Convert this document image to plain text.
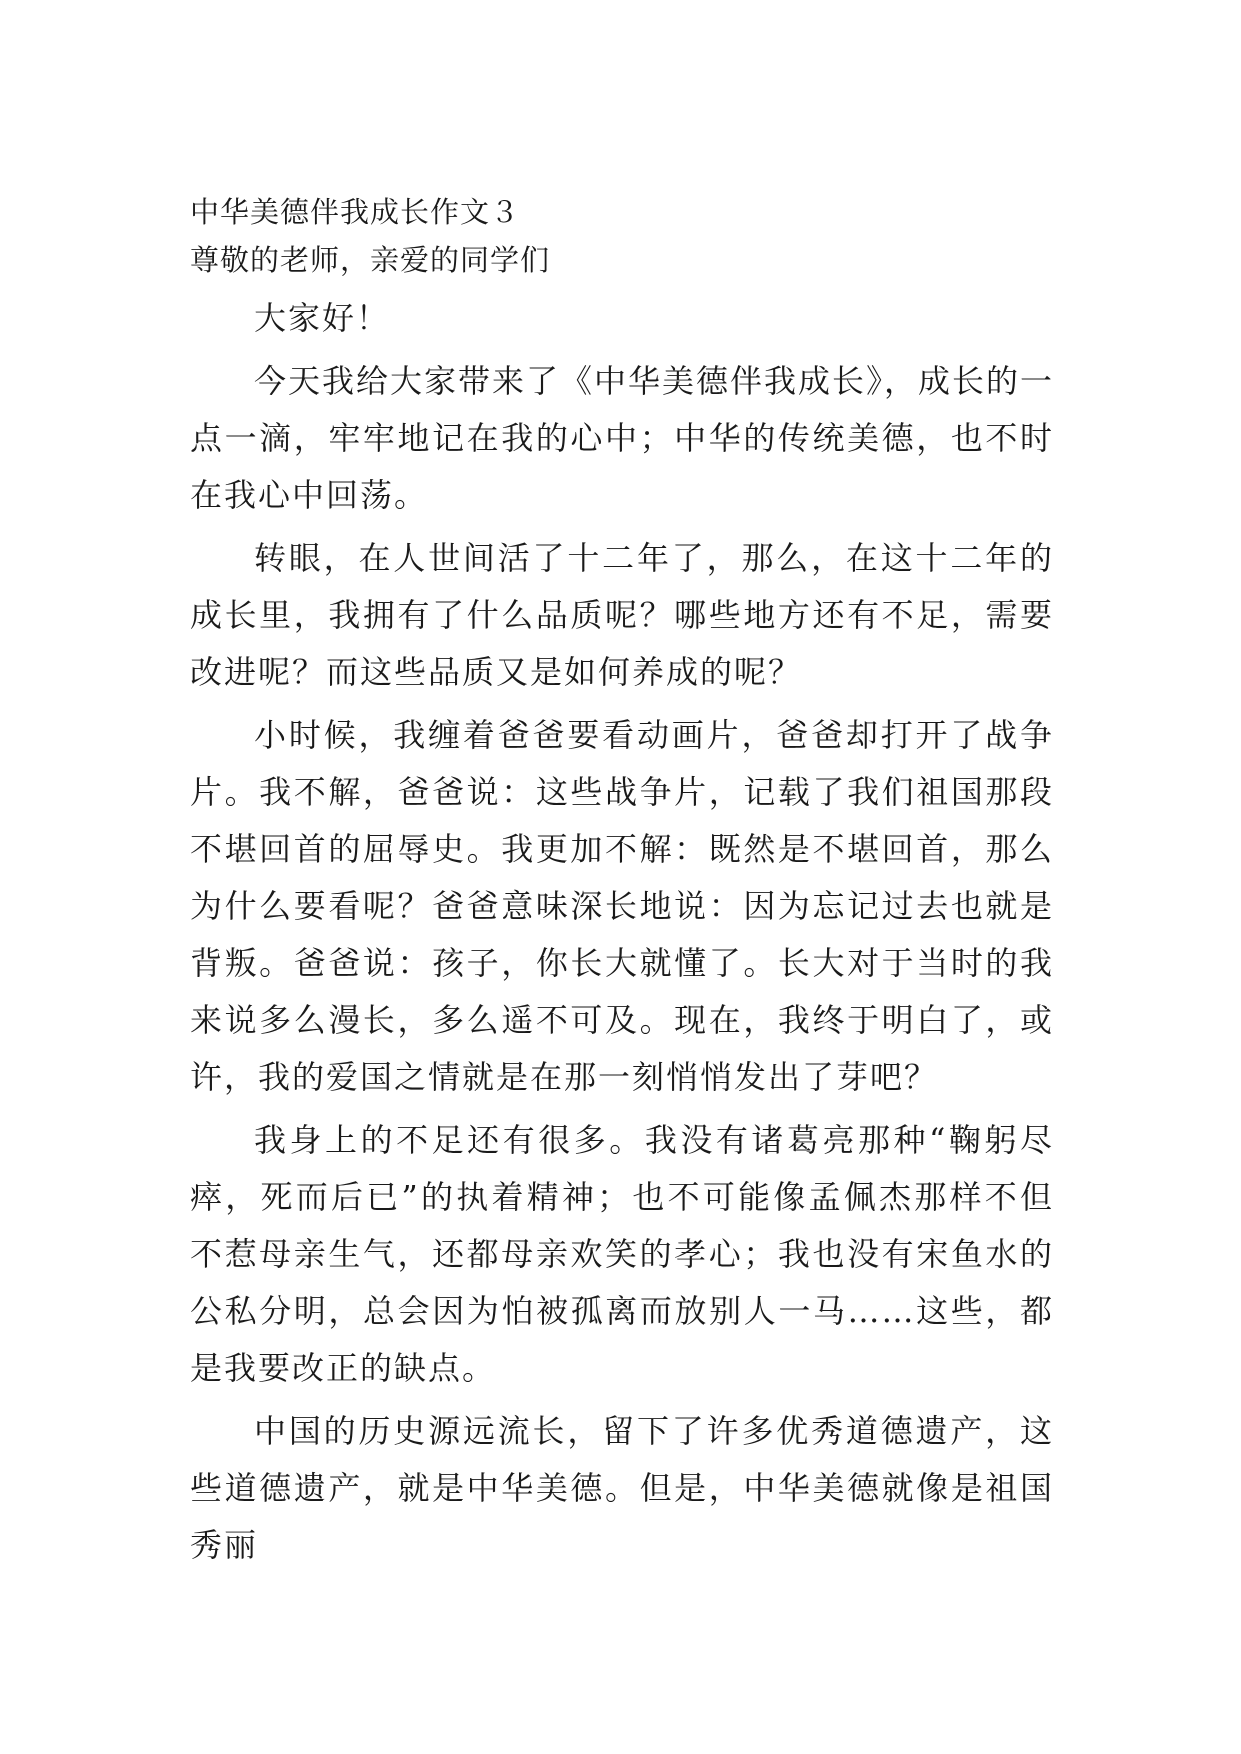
中华美德伴我成长作文３

尊敬的老师，亲爱的同学们

大家好！

今天我给大家带来了《中华美德伴我成长》，成长的一点一滴，牢牢地记在我的心中；中华的传统美德，也不时在我心中回荡。

转眼，在人世间活了十二年了，那么，在这十二年的成长里，我拥有了什么品质呢？哪些地方还有不足，需要改进呢？而这些品质又是如何养成的呢？

小时候，我缠着爸爸要看动画片，爸爸却打开了战争片。我不解，爸爸说：这些战争片，记载了我们祖国那段不堪回首的屈辱史。我更加不解：既然是不堪回首，那么为什么要看呢？爸爸意味深长地说：因为忘记过去也就是背叛。爸爸说：孩子，你长大就懂了。长大对于当时的我来说多么漫长，多么遥不可及。现在，我终于明白了，或许，我的爱国之情就是在那一刻悄悄发出了芽吧？

我身上的不足还有很多。我没有诸葛亮那种“鞠躬尽瘁，死而后已”的执着精神；也不可能像孟佩杰那样不但不惹母亲生气，还都母亲欢笑的孝心；我也没有宋鱼水的公私分明，总会因为怕被孤离而放别人一马……这些，都是我要改正的缺点。

中国的历史源远流长，留下了许多优秀道德遗产，这些道德遗产，就是中华美德。但是，中华美德就像是祖国秀丽
